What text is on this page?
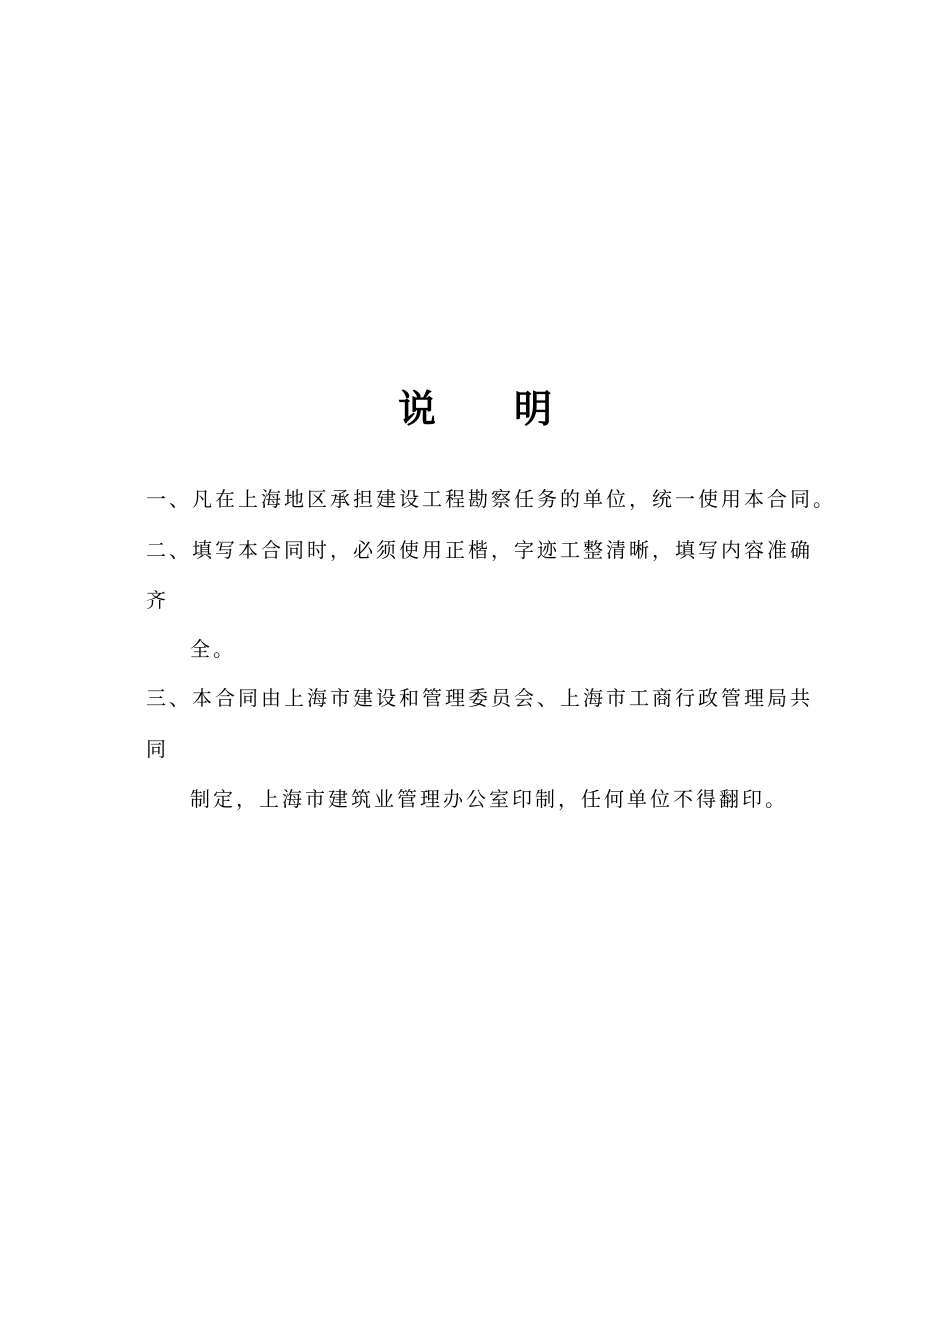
说 明
一、凡在上海地区承担建设工程勘察任务的单位，统一使用本合同。
二、填写本合同时，必须使用正楷，字迹工整清晰，填写内容准确
齐
全。
三、本合同由上海市建设和管理委员会、上海市工商行政管理局共
同
制定，上海市建筑业管理办公室印制，任何单位不得翻印。
